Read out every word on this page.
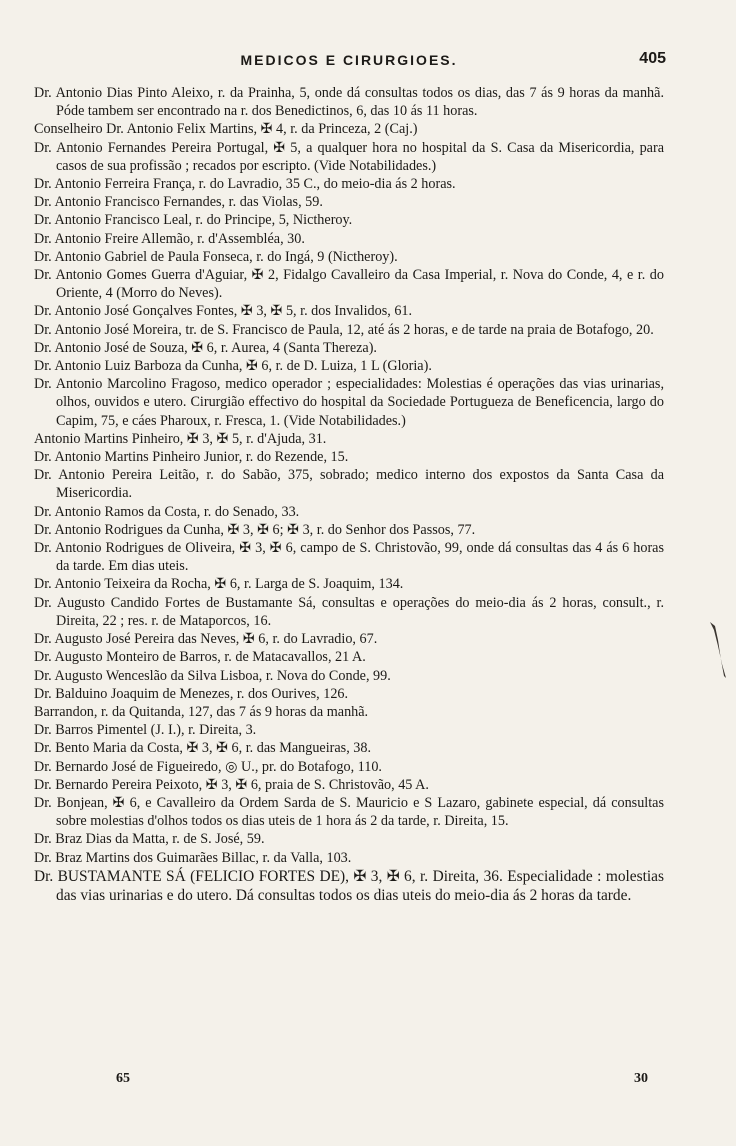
MEDICOS E CIRURGIOES.	405

Dr. Antonio Dias Pinto Aleixo, r. da Prainha, 5, onde dá consultas todos os dias, das 7 ás 9 horas da manhã. Póde tambem ser encontrado na r. dos Benedictinos, 6, das 10 ás 11 horas.

Conselheiro Dr. Antonio Felix Martins, ✠ 4, r. da Princeza, 2 (Caj.)

Dr. Antonio Fernandes Pereira Portugal, ✠ 5, a qualquer hora no hospital da S. Casa da Misericordia, para casos de sua profissão ; recados por escripto. (Vide Notabilidades.)

Dr. Antonio Ferreira França, r. do Lavradio, 35 C., do meio-dia ás 2 horas.

Dr. Antonio Francisco Fernandes, r. das Violas, 59.

Dr. Antonio Francisco Leal, r. do Principe, 5, Nictheroy.

Dr. Antonio Freire Allemão, r. d'Assembléa, 30.

Dr. Antonio Gabriel de Paula Fonseca, r. do Ingá, 9 (Nictheroy).

Dr. Antonio Gomes Guerra d'Aguiar, ✠ 2, Fidalgo Cavalleiro da Casa Imperial, r. Nova do Conde, 4, e r. do Oriente, 4 (Morro do Neves).

Dr. Antonio José Gonçalves Fontes, ✠ 3, ✠ 5, r. dos Invalidos, 61.

Dr. Antonio José Moreira, tr. de S. Francisco de Paula, 12, até ás 2 horas, e de tarde na praia de Botafogo, 20.

Dr. Antonio José de Souza, ✠ 6, r. Aurea, 4 (Santa Thereza).

Dr. Antonio Luiz Barboza da Cunha, ✠ 6, r. de D. Luiza, 1 L (Gloria).

Dr. Antonio Marcolino Fragoso, medico operador ; especialidades: Molestias é operações das vias urinarias, olhos, ouvidos e utero. Cirurgião effectivo do hospital da Sociedade Portugueza de Beneficencia, largo do Capim, 75, e cáes Pharoux, r. Fresca, 1. (Vide Notabilidades.)

Antonio Martins Pinheiro, ✠ 3, ✠ 5, r. d'Ajuda, 31.

Dr. Antonio Martins Pinheiro Junior, r. do Rezende, 15.

Dr. Antonio Pereira Leitão, r. do Sabão, 375, sobrado; medico interno dos expostos da Santa Casa da Misericordia.

Dr. Antonio Ramos da Costa, r. do Senado, 33.

Dr. Antonio Rodrigues da Cunha, ✠ 3, ✠ 6; ✠ 3, r. do Senhor dos Passos, 77.

Dr. Antonio Rodrigues de Oliveira, ✠ 3, ✠ 6, campo de S. Christovão, 99, onde dá consultas das 4 ás 6 horas da tarde. Em dias uteis.

Dr. Antonio Teixeira da Rocha, ✠ 6, r. Larga de S. Joaquim, 134.

Dr. Augusto Candido Fortes de Bustamante Sá, consultas e operações do meio-dia ás 2 horas, consult., r. Direita, 22 ; res. r. de Mataporcos, 16.

Dr. Augusto José Pereira das Neves, ✠ 6, r. do Lavradio, 67.

Dr. Augusto Monteiro de Barros, r. de Matacavallos, 21 A.

Dr. Augusto Wenceslão da Silva Lisboa, r. Nova do Conde, 99.

Dr. Balduino Joaquim de Menezes, r. dos Ourives, 126.

Barrandon, r. da Quitanda, 127, das 7 ás 9 horas da manhã.

Dr. Barros Pimentel (J. I.), r. Direita, 3.

Dr. Bento Maria da Costa, ✠ 3, ✠ 6, r. das Mangueiras, 38.

Dr. Bernardo José de Figueiredo, ◎ U., pr. do Botafogo, 110.

Dr. Bernardo Pereira Peixoto, ✠ 3, ✠ 6, praia de S. Christovão, 45 A.

Dr. Bonjean, ✠ 6, e Cavalleiro da Ordem Sarda de S. Mauricio e S Lazaro, gabinete especial, dá consultas sobre molestias d'olhos todos os dias uteis de 1 hora ás 2 da tarde, r. Direita, 15.

Dr. Braz Dias da Matta, r. de S. José, 59.

Dr. Braz Martins dos Guimarães Billac, r. da Valla, 103.

Dr. BUSTAMANTE SÁ (FELICIO FORTES DE), ✠ 3, ✠ 6, r. Direita, 36. Especialidade : molestias das vias urinarias e do utero. Dá consultas todos os dias uteis do meio-dia ás 2 horas da tarde.

65	30
